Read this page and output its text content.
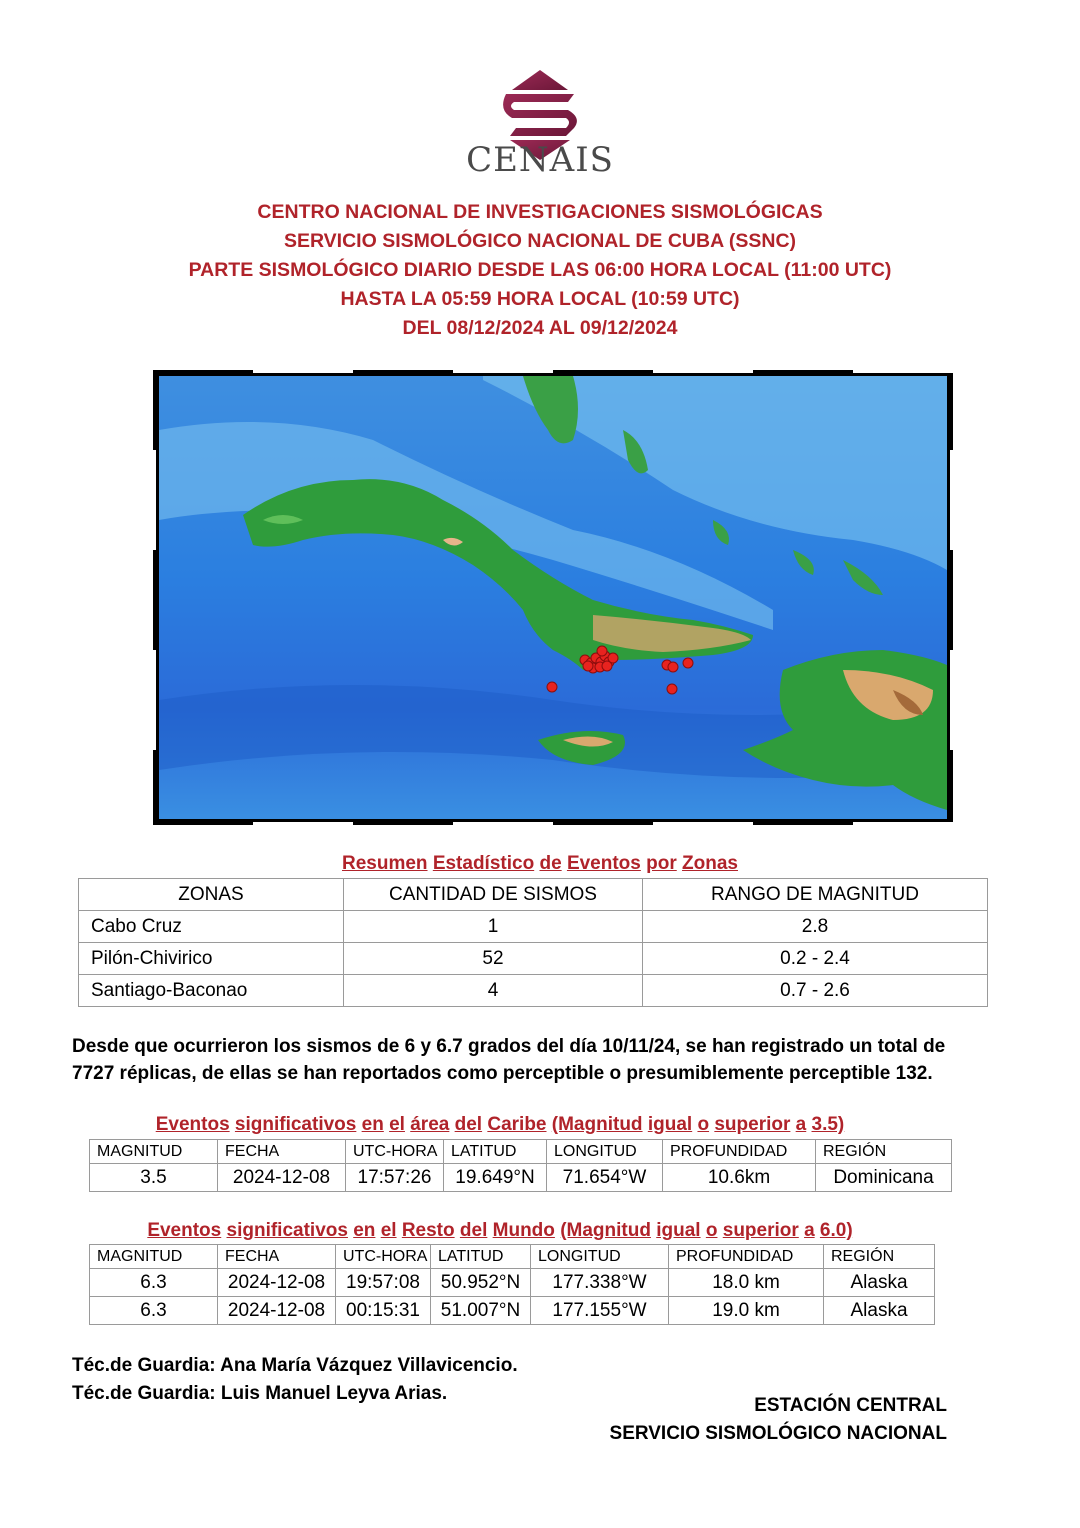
CENAIS
CENTRO NACIONAL DE INVESTIGACIONES SISMOLÓGICAS
SERVICIO SISMOLÓGICO NACIONAL DE CUBA (SSNC)
PARTE SISMOLÓGICO DIARIO DESDE LAS 06:00 HORA LOCAL (11:00 UTC)
HASTA LA 05:59 HORA LOCAL (10:59 UTC)
DEL 08/12/2024 AL 09/12/2024
Resumen Estadístico de Eventos por Zonas
ZONAS	CANTIDAD DE SISMOS	RANGO DE MAGNITUD
Cabo Cruz	1	2.8
Pilón-Chivirico	52	0.2 - 2.4
Santiago-Baconao	4	0.7 - 2.6
Desde que ocurrieron los sismos de 6 y 6.7 grados del día 10/11/24, se han registrado un total de 7727 réplicas, de ellas se han reportados como perceptible o presumiblemente perceptible 132.
Eventos significativos en el área del Caribe (Magnitud igual o superior a 3.5)
MAGNITUD	FECHA	UTC-HORA	LATITUD	LONGITUD	PROFUNDIDAD	REGIÓN
3.5	2024-12-08	17:57:26	19.649°N	71.654°W	10.6km	Dominicana
Eventos significativos en el Resto del Mundo (Magnitud igual o superior a 6.0)
MAGNITUD	FECHA	UTC-HORA	LATITUD	LONGITUD	PROFUNDIDAD	REGIÓN
6.3	2024-12-08	19:57:08	50.952°N	177.338°W	18.0 km	Alaska
6.3	2024-12-08	00:15:31	51.007°N	177.155°W	19.0 km	Alaska
Téc.de Guardia: Ana María Vázquez Villavicencio.
Téc.de Guardia: Luis Manuel Leyva Arias.
ESTACIÓN CENTRAL
SERVICIO SISMOLÓGICO NACIONAL
